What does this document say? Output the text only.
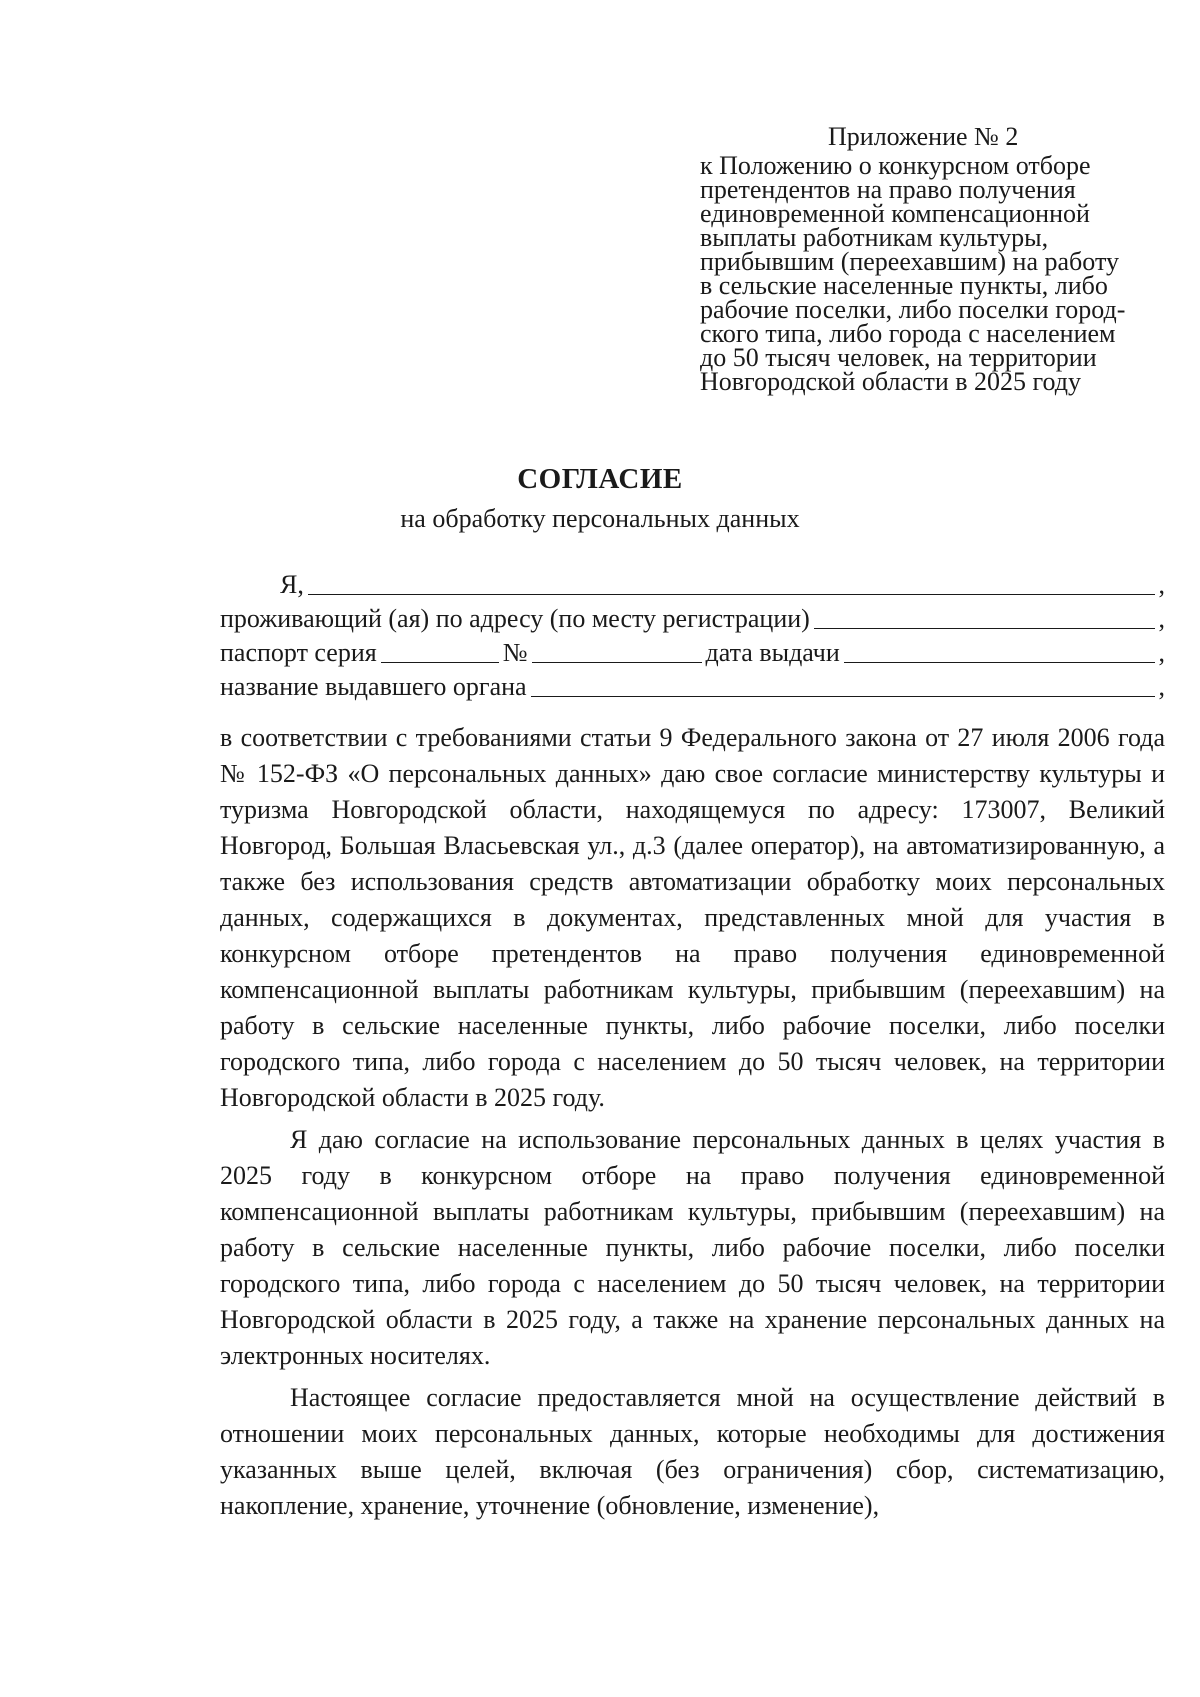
Приложение № 2
к Положению о конкурсном отборе
претендентов на право получения
единовременной компенсационной
выплаты работникам культуры,
прибывшим (переехавшим) на работу
в сельские населенные пункты, либо
рабочие поселки, либо поселки город-
ского типа, либо города с населением
до 50 тысяч человек, на территории
Новгородской области в 2025 году
СОГЛАСИЕ
на обработку персональных данных
Я,	,
проживающий (ая) по адресу (по месту регистрации)	,
паспорт серия	№	дата выдачи	,
название выдавшего органа	,

в соответствии с требованиями статьи 9 Федерального закона от 27 июля 2006 года № 152-ФЗ «О персональных данных» даю свое согласие министерству культуры и туризма Новгородской области, находящемуся по адресу: 173007, Великий Новгород, Большая Власьевская ул., д.3 (далее оператор), на автоматизированную, а также без использования средств автоматизации обработку моих персональных данных, содержащихся в документах, представленных мной для участия в конкурсном отборе претендентов на право получения единовременной компенсационной выплаты работникам культуры, прибывшим (переехавшим) на работу в сельские населенные пункты, либо рабочие поселки, либо поселки городского типа, либо города с населением до 50 тысяч человек, на территории Новгородской области в 2025 году.

Я даю согласие на использование персональных данных в целях участия в 2025 году в конкурсном отборе на право получения единовременной компенсационной выплаты работникам культуры, прибывшим (переехавшим) на работу в сельские населенные пункты, либо рабочие поселки, либо поселки городского типа, либо города с населением до 50 тысяч человек, на территории Новгородской области в 2025 году, а также на хранение персональных данных на электронных носителях.

Настоящее согласие предоставляется мной на осуществление действий в отношении моих персональных данных, которые необходимы для достижения указанных выше целей, включая (без ограничения) сбор, систематизацию, накопление, хранение, уточнение (обновление, изменение),
